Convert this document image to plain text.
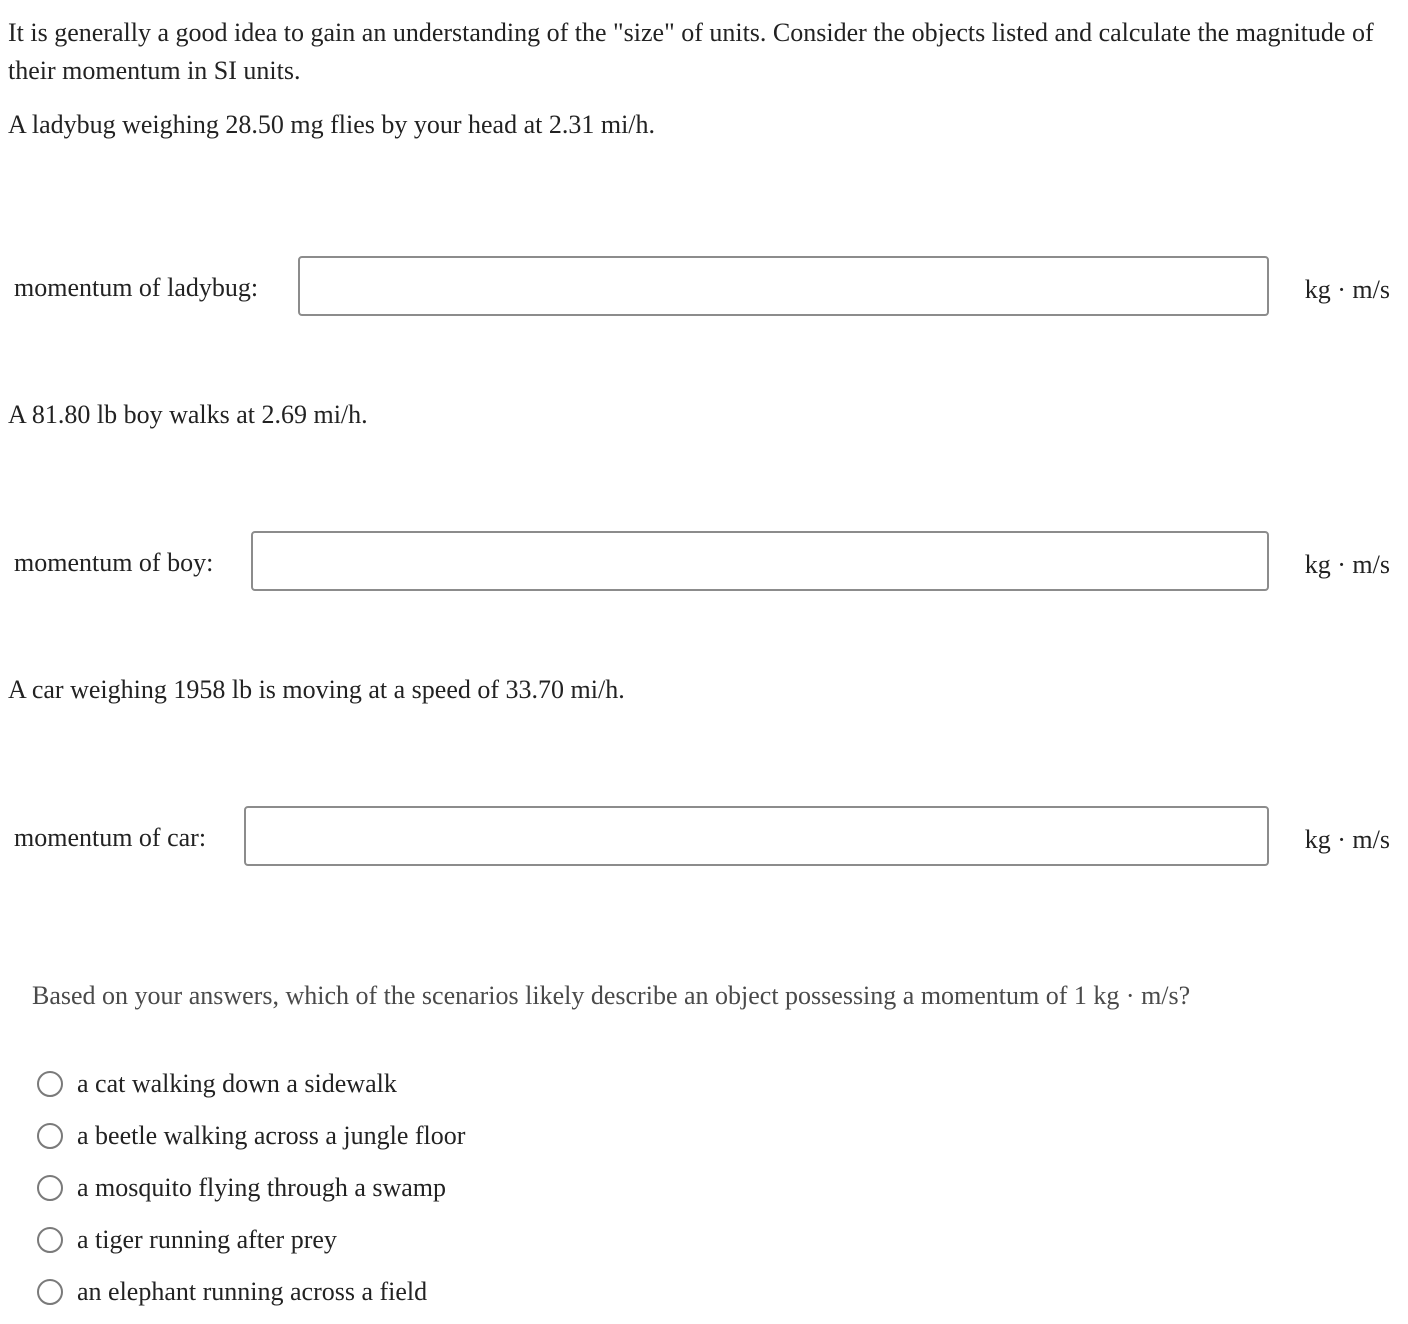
It is generally a good idea to gain an understanding of the "size" of units. Consider the objects listed and calculate the magnitude of their momentum in SI units.

A ladybug weighing 28.50 mg flies by your head at 2.31 mi/h.

momentum of ladybug:	kg · m/s

A 81.80 lb boy walks at 2.69 mi/h.

momentum of boy:	kg · m/s

A car weighing 1958 lb is moving at a speed of 33.70 mi/h.

momentum of car:	kg · m/s

Based on your answers, which of the scenarios likely describe an object possessing a momentum of 1 kg · m/s?

a cat walking down a sidewalk
a beetle walking across a jungle floor
a mosquito flying through a swamp
a tiger running after prey
an elephant running across a field
